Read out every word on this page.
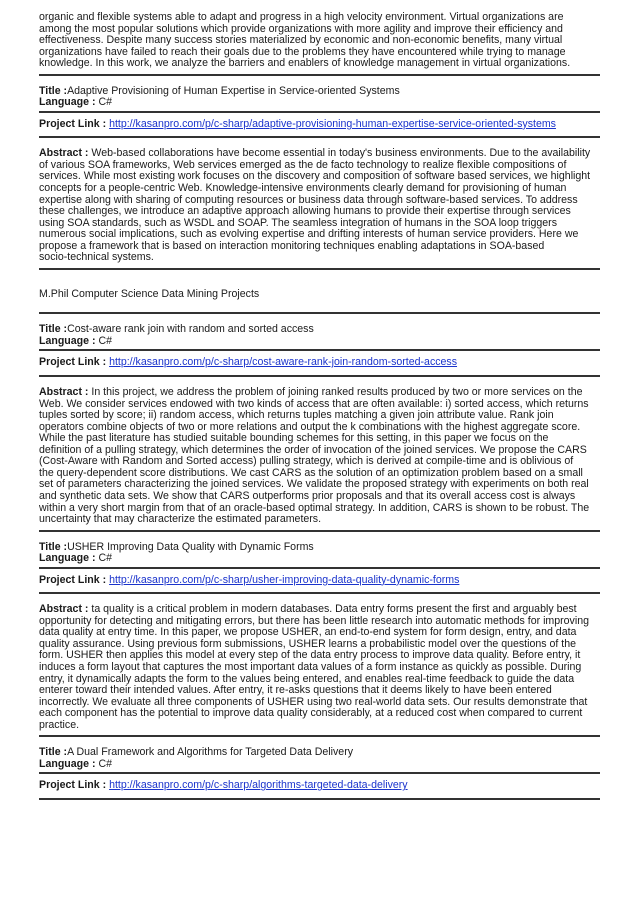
organic and flexible systems able to adapt and progress in a high velocity environment. Virtual organizations are

among the most popular solutions which provide organizations with more agility and improve their efficiency and

effectiveness. Despite many success stories materialized by economic and non-economic benefits, many virtual

organizations have failed to reach their goals due to the problems they have encountered while trying to manage

knowledge. In this work, we analyze the barriers and enablers of knowledge management in virtual organizations.

Title :Adaptive Provisioning of Human Expertise in Service-oriented Systems

Language : C#

Project Link : http://kasanpro.com/p/c-sharp/adaptive-provisioning-human-expertise-service-oriented-systems

Abstract : Web-based collaborations have become essential in today's business environments. Due to the availability

of various SOA frameworks, Web services emerged as the de facto technology to realize flexible compositions of

services. While most existing work focuses on the discovery and composition of software based services, we highlight

concepts for a people-centric Web. Knowledge-intensive environments clearly demand for provisioning of human

expertise along with sharing of computing resources or business data through software-based services. To address

these challenges, we introduce an adaptive approach allowing humans to provide their expertise through services

using SOA standards, such as WSDL and SOAP. The seamless integration of humans in the SOA loop triggers

numerous social implications, such as evolving expertise and drifting interests of human service providers. Here we

propose a framework that is based on interaction monitoring techniques enabling adaptations in SOA-based

socio-technical systems.

M.Phil Computer Science Data Mining Projects

Title :Cost-aware rank join with random and sorted access

Language : C#

Project Link : http://kasanpro.com/p/c-sharp/cost-aware-rank-join-random-sorted-access

Abstract : In this project, we address the problem of joining ranked results produced by two or more services on the

Web. We consider services endowed with two kinds of access that are often available: i) sorted access, which returns

tuples sorted by score; ii) random access, which returns tuples matching a given join attribute value. Rank join

operators combine objects of two or more relations and output the k combinations with the highest aggregate score.

While the past literature has studied suitable bounding schemes for this setting, in this paper we focus on the

definition of a pulling strategy, which determines the order of invocation of the joined services. We propose the CARS

(Cost-Aware with Random and Sorted access) pulling strategy, which is derived at compile-time and is oblivious of

the query-dependent score distributions. We cast CARS as the solution of an optimization problem based on a small

set of parameters characterizing the joined services. We validate the proposed strategy with experiments on both real

and synthetic data sets. We show that CARS outperforms prior proposals and that its overall access cost is always

within a very short margin from that of an oracle-based optimal strategy. In addition, CARS is shown to be robust. The

uncertainty that may characterize the estimated parameters.

Title :USHER Improving Data Quality with Dynamic Forms

Language : C#

Project Link : http://kasanpro.com/p/c-sharp/usher-improving-data-quality-dynamic-forms

Abstract : ta quality is a critical problem in modern databases. Data entry forms present the first and arguably best

opportunity for detecting and mitigating errors, but there has been little research into automatic methods for improving

data quality at entry time. In this paper, we propose USHER, an end-to-end system for form design, entry, and data

quality assurance. Using previous form submissions, USHER learns a probabilistic model over the questions of the

form. USHER then applies this model at every step of the data entry process to improve data quality. Before entry, it

induces a form layout that captures the most important data values of a form instance as quickly as possible. During

entry, it dynamically adapts the form to the values being entered, and enables real-time feedback to guide the data

enterer toward their intended values. After entry, it re-asks questions that it deems likely to have been entered

incorrectly. We evaluate all three components of USHER using two real-world data sets. Our results demonstrate that

each component has the potential to improve data quality considerably, at a reduced cost when compared to current

practice.

Title :A Dual Framework and Algorithms for Targeted Data Delivery

Language : C#

Project Link : http://kasanpro.com/p/c-sharp/algorithms-targeted-data-delivery
